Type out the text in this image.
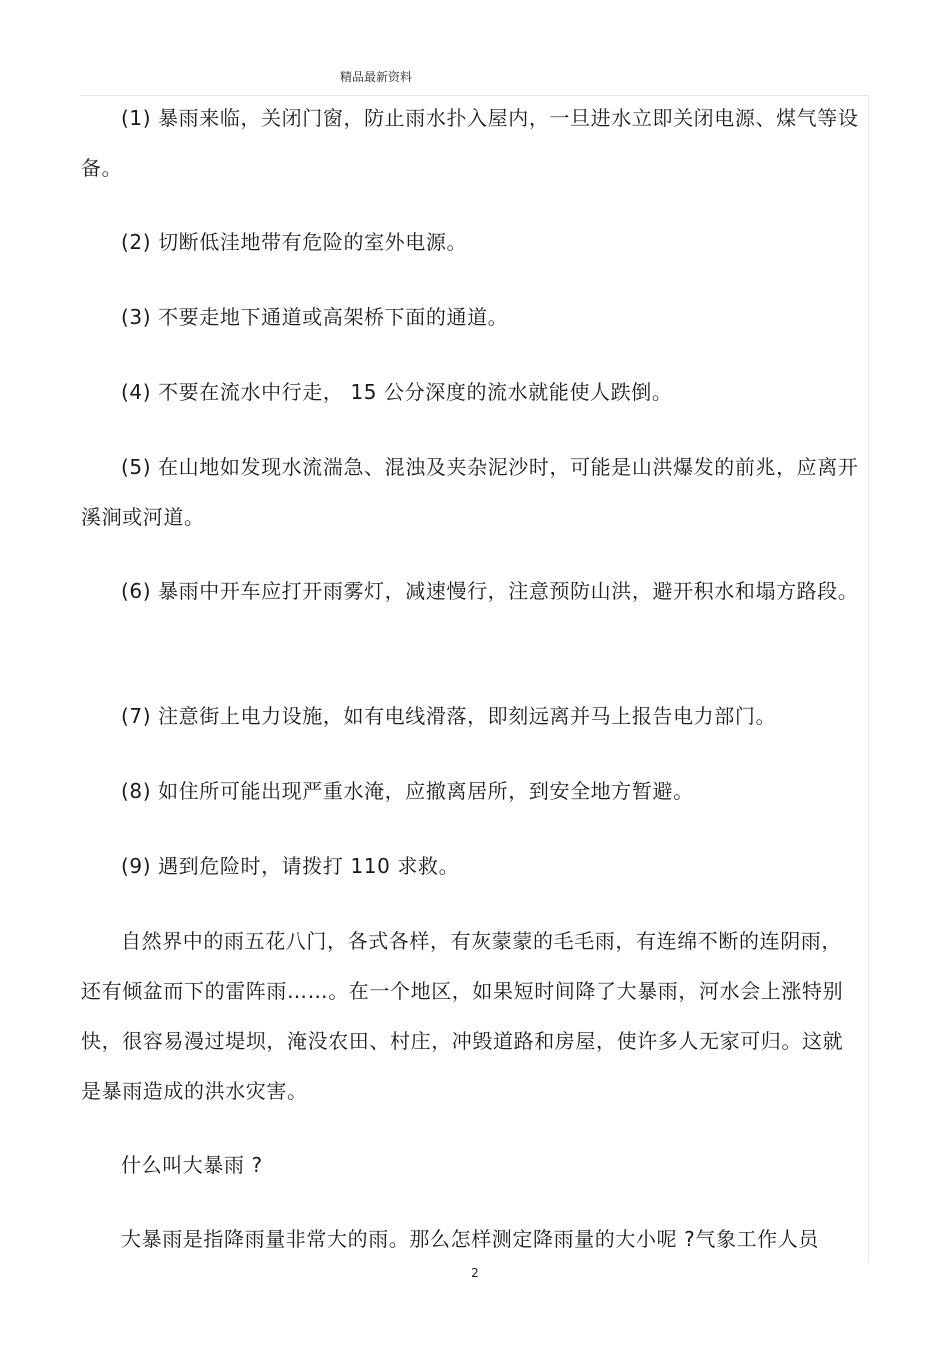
精品最新资料

(1) 暴雨来临，关闭门窗，防止雨水扑入屋内，一旦进水立即关闭电源、煤气等设备。

(2) 切断低洼地带有危险的室外电源。

(3) 不要走地下通道或高架桥下面的通道。

(4) 不要在流水中行走， 15 公分深度的流水就能使人跌倒。

(5) 在山地如发现水流湍急、混浊及夹杂泥沙时，可能是山洪爆发的前兆，应离开溪涧或河道。

(6) 暴雨中开车应打开雨雾灯，减速慢行，注意预防山洪，避开积水和塌方路段。

(7) 注意街上电力设施，如有电线滑落，即刻远离并马上报告电力部门。

(8) 如住所可能出现严重水淹，应撤离居所，到安全地方暂避。

(9) 遇到危险时，请拨打 110 求救。

自然界中的雨五花八门，各式各样，有灰蒙蒙的毛毛雨，有连绵不断的连阴雨，还有倾盆而下的雷阵雨……。在一个地区，如果短时间降了大暴雨，河水会上涨特别快，很容易漫过堤坝，淹没农田、村庄，冲毁道路和房屋，使许多人无家可归。这就是暴雨造成的洪水灾害。

什么叫大暴雨 ?

大暴雨是指降雨量非常大的雨。那么怎样测定降雨量的大小呢 ?气象工作人员

2
